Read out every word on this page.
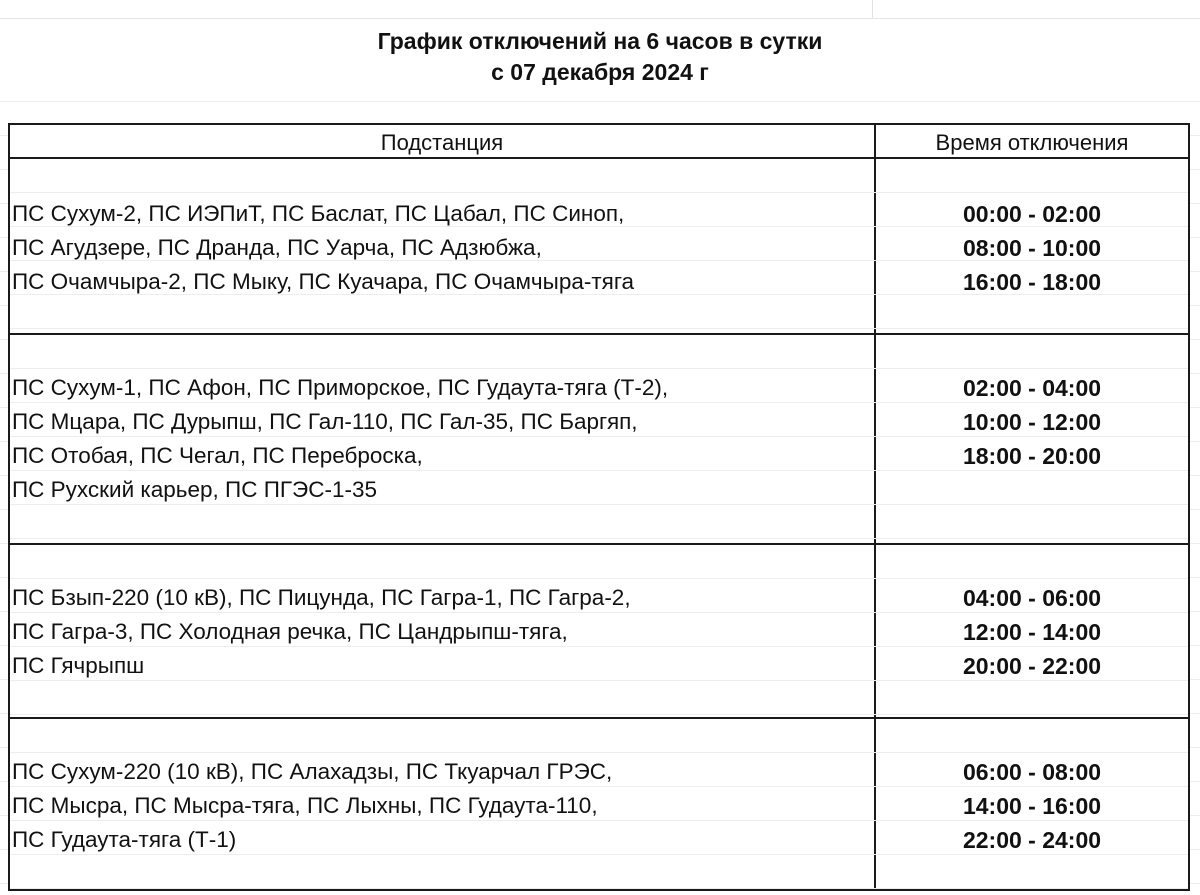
График отключений на 6 часов в сутки
с 07 декабря 2024 г
Подстанция	Время отключения
ПС Сухум-2, ПС ИЭПиТ, ПС Баслат, ПС Цабал, ПС Синоп,
ПС Агудзере, ПС Дранда, ПС Уарча, ПС Адзюбжа,
ПС Очамчыра-2, ПС Мыку, ПС Куачара, ПС Очамчыра-тяга
00:00 - 02:00
08:00 - 10:00
16:00 - 18:00
ПС Сухум-1, ПС Афон, ПС Приморское, ПС Гудаута-тяга (Т-2),
ПС Мцара, ПС Дурыпш, ПС Гал-110, ПС Гал-35, ПС Баргяп,
ПС Отобая, ПС Чегал, ПС Переброска,
ПС Рухский карьер, ПС ПГЭС-1-35
02:00 - 04:00
10:00 - 12:00
18:00 - 20:00
ПС Бзып-220 (10 кВ), ПС Пицунда, ПС Гагра-1, ПС Гагра-2,
ПС Гагра-3, ПС Холодная речка, ПС Цандрыпш-тяга,
ПС Гячрыпш
04:00 - 06:00
12:00 - 14:00
20:00 - 22:00
ПС Сухум-220 (10 кВ), ПС Алахадзы, ПС Ткуарчал ГРЭС,
ПС Мысра, ПС Мысра-тяга, ПС Лыхны, ПС Гудаута-110,
ПС Гудаута-тяга (Т-1)
06:00 - 08:00
14:00 - 16:00
22:00 - 24:00
